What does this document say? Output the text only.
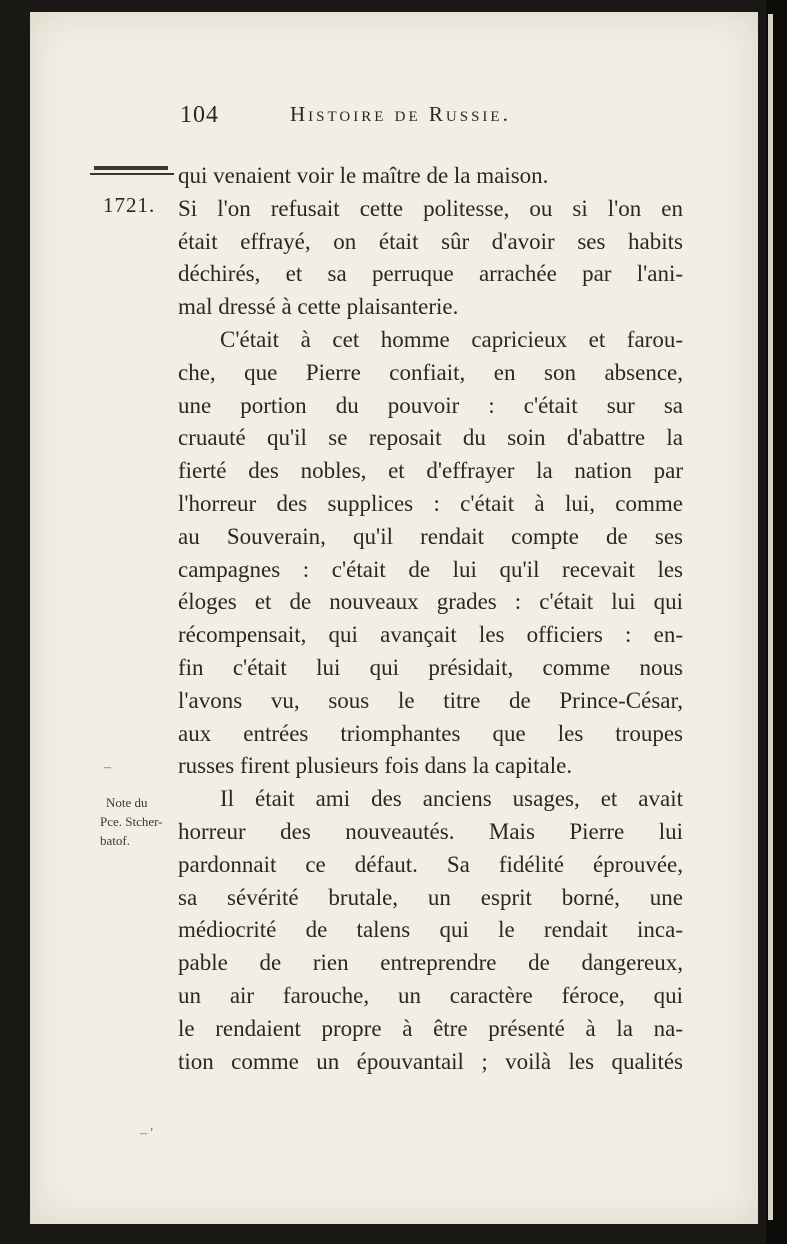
104	Histoire de Russie.
1721.
Note du
Pce. Stcher-
batof.
–
– '
qui venaient voir le maître de la maison.
Si l'on refusait cette politesse, ou si l'on en
était effrayé, on était sûr d'avoir ses habits
déchirés, et sa perruque arrachée par l'ani-
mal dressé à cette plaisanterie.
C'était à cet homme capricieux et farou-
che, que Pierre confiait, en son absence,
une portion du pouvoir : c'était sur sa
cruauté qu'il se reposait du soin d'abattre la
fierté des nobles, et d'effrayer la nation par
l'horreur des supplices : c'était à lui, comme
au Souverain, qu'il rendait compte de ses
campagnes : c'était de lui qu'il recevait les
éloges et de nouveaux grades : c'était lui qui
récompensait, qui avançait les officiers : en-
fin c'était lui qui présidait, comme nous
l'avons vu, sous le titre de Prince-César,
aux entrées triomphantes que les troupes
russes firent plusieurs fois dans la capitale.
Il était ami des anciens usages, et avait
horreur des nouveautés. Mais Pierre lui
pardonnait ce défaut. Sa fidélité éprouvée,
sa sévérité brutale, un esprit borné, une
médiocrité de talens qui le rendait inca-
pable de rien entreprendre de dangereux,
un air farouche, un caractère féroce, qui
le rendaient propre à être présenté à la na-
tion comme un épouvantail ; voilà les qualités
